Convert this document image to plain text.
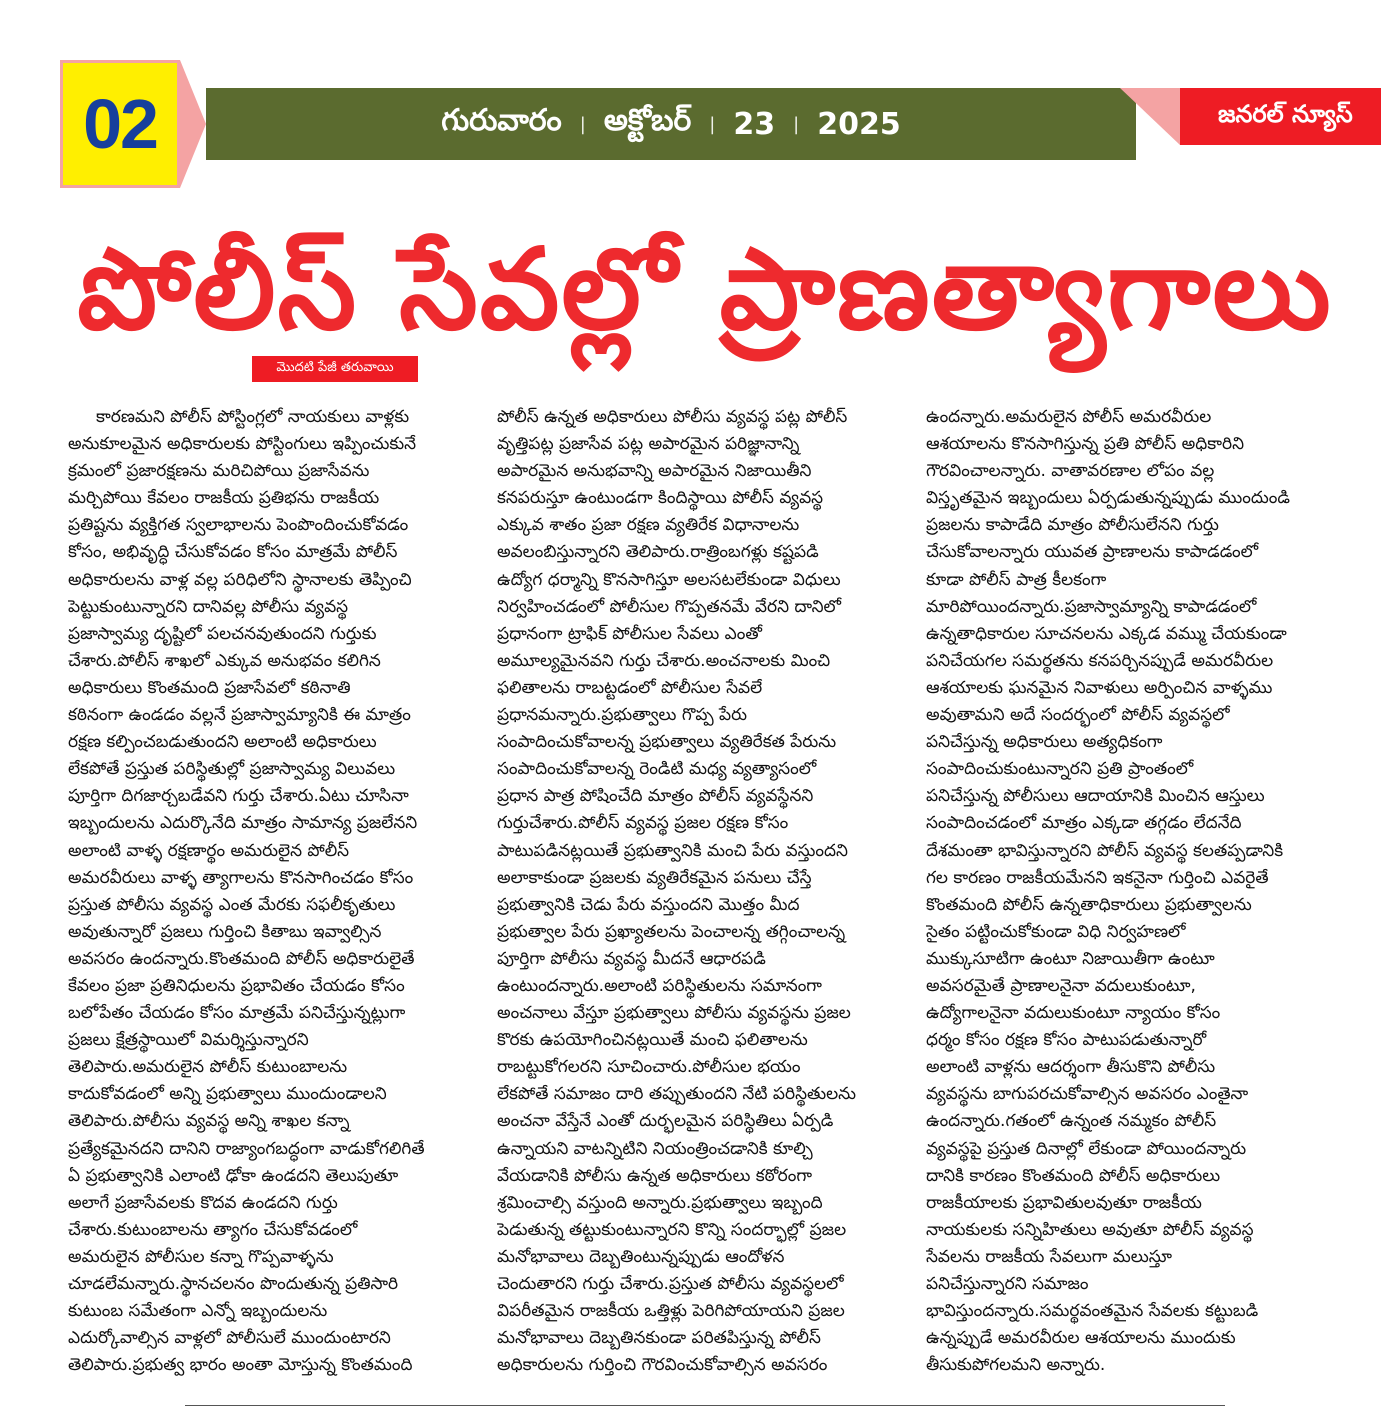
02	గురువారం | అక్టోబర్ | 23 | 2025	జనరల్ న్యూస్
పోలీస్ సేవల్లో ప్రాణత్యాగాలు
మొదటి పేజీ తరువాయి
కారణమని పోలీస్ పోస్టింగ్లలో నాయకులు వాళ్లకు
అనుకూలమైన అధికారులకు పోస్టింగులు ఇప్పించుకునే
క్రమంలో ప్రజారక్షణను మరిచిపోయి ప్రజాసేవను
మర్చిపోయి కేవలం రాజకీయ ప్రతిభను రాజకీయ
ప్రతిష్టను వ్యక్తిగత స్వలాభాలను పెంపొందించుకోవడం
కోసం, అభివృద్ధి చేసుకోవడం కోసం మాత్రమే పోలీస్
అధికారులను వాళ్ల వల్ల పరిధిలోని స్థానాలకు తెప్పించి
పెట్టుకుంటున్నారని దానివల్ల పోలీసు వ్యవస్థ
ప్రజాస్వామ్య దృష్టిలో పలచనవుతుందని గుర్తుకు
చేశారు.పోలీస్ శాఖలో ఎక్కువ అనుభవం కలిగిన
అధికారులు కొంతమంది ప్రజాసేవలో కఠినాతి
కఠినంగా ఉండడం వల్లనే ప్రజాస్వామ్యానికి ఈ మాత్రం
రక్షణ కల్పించబడుతుందని అలాంటి అధికారులు
లేకపోతే ప్రస్తుత పరిస్థితుల్లో ప్రజాస్వామ్య విలువలు
పూర్తిగా దిగజార్చబడేవని గుర్తు చేశారు.ఏటు చూసినా
ఇబ్బందులను ఎదుర్కొనేది మాత్రం సామాన్య ప్రజలేనని
అలాంటి వాళ్ళ రక్షణార్థం అమరులైన పోలీస్
అమరవీరులు వాళ్ళ త్యాగాలను కొనసాగించడం కోసం
ప్రస్తుత పోలీసు వ్యవస్థ ఎంత మేరకు సఫలీకృతులు
అవుతున్నారో ప్రజలు గుర్తించి కితాబు ఇవ్వాల్సిన
అవసరం ఉందన్నారు.కొంతమంది పోలీస్ అధికారులైతే
కేవలం ప్రజా ప్రతినిధులను ప్రభావితం చేయడం కోసం
బలోపేతం చేయడం కోసం మాత్రమే పనిచేస్తున్నట్లుగా
ప్రజలు క్షేత్రస్థాయిలో విమర్శిస్తున్నారని
తెలిపారు.అమరులైన పోలీస్ కుటుంబాలను
కాదుకోవడంలో అన్ని ప్రభుత్వాలు ముందుండాలని
తెలిపారు.పోలీసు వ్యవస్థ అన్ని శాఖల కన్నా
ప్రత్యేకమైనదని దానిని రాజ్యాంగబద్ధంగా వాడుకోగలిగితే
ఏ ప్రభుత్వానికి ఎలాంటి ఢోకా ఉండదని తెలుపుతూ
అలాగే ప్రజాసేవలకు కొదవ ఉండదని గుర్తు
చేశారు.కుటుంబాలను త్యాగం చేసుకోవడంలో
అమరులైన పోలీసుల కన్నా గొప్పవాళ్ళను
చూడలేమన్నారు.స్థానచలనం పొందుతున్న ప్రతిసారి
కుటుంబ సమేతంగా ఎన్నో ఇబ్బందులను
ఎదుర్కోవాల్సిన వాళ్లలో పోలీసులే ముందుంటారని
తెలిపారు.ప్రభుత్వ భారం అంతా మోస్తున్న కొంతమంది
పోలీస్ ఉన్నత అధికారులు పోలీసు వ్యవస్థ పట్ల పోలీస్
వృత్తిపట్ల ప్రజాసేవ పట్ల అపారమైన పరిజ్ఞానాన్ని
అపారమైన అనుభవాన్ని అపారమైన నిజాయితీని
కనపరుస్తూ ఉంటుండగా కిందిస్థాయి పోలీస్ వ్యవస్థ
ఎక్కువ శాతం ప్రజా రక్షణ వ్యతిరేక విధానాలను
అవలంబిస్తున్నారని తెలిపారు.రాత్రింబగళ్లు కష్టపడి
ఉద్యోగ ధర్మాన్ని కొనసాగిస్తూ అలసటలేకుండా విధులు
నిర్వహించడంలో పోలీసుల గొప్పతనమే వేరని దానిలో
ప్రధానంగా ట్రాఫిక్ పోలీసుల సేవలు ఎంతో
అమూల్యమైనవని గుర్తు చేశారు.అంచనాలకు మించి
ఫలితాలను రాబట్టడంలో పోలీసుల సేవలే
ప్రధానమన్నారు.ప్రభుత్వాలు గొప్ప పేరు
సంపాదించుకోవాలన్న ప్రభుత్వాలు వ్యతిరేకత పేరును
సంపాదించుకోవాలన్న రెండిటి మధ్య వ్యత్యాసంలో
ప్రధాన పాత్ర పోషించేది మాత్రం పోలీస్ వ్యవస్థేనని
గుర్తుచేశారు.పోలీస్ వ్యవస్థ ప్రజల రక్షణ కోసం
పాటుపడినట్లయితే ప్రభుత్వానికి మంచి పేరు వస్తుందని
అలాకాకుండా ప్రజలకు వ్యతిరేకమైన పనులు చేస్తే
ప్రభుత్వానికి చెడు పేరు వస్తుందని మొత్తం మీద
ప్రభుత్వాల పేరు ప్రఖ్యాతలను పెంచాలన్న తగ్గించాలన్న
పూర్తిగా పోలీసు వ్యవస్థ మీదనే ఆధారపడి
ఉంటుందన్నారు.అలాంటి పరిస్థితులను సమానంగా
అంచనాలు వేస్తూ ప్రభుత్వాలు పోలీసు వ్యవస్థను ప్రజల
కొరకు ఉపయోగించినట్లయితే మంచి ఫలితాలను
రాబట్టుకోగలరని సూచించారు.పోలీసుల భయం
లేకపోతే సమాజం దారి తప్పుతుందని నేటి పరిస్థితులను
అంచనా వేస్తేనే ఎంతో దుర్భలమైన పరిస్థితిలు ఏర్పడి
ఉన్నాయని వాటన్నిటిని నియంత్రించడానికి కూల్చి
వేయడానికి పోలీసు ఉన్నత అధికారులు కఠోరంగా
శ్రమించాల్సి వస్తుంది అన్నారు.ప్రభుత్వాలు ఇబ్బంది
పెడుతున్న తట్టుకుంటున్నారని కొన్ని సందర్భాల్లో ప్రజల
మనోభావాలు దెబ్బతింటున్నప్పుడు ఆందోళన
చెందుతారని గుర్తు చేశారు.ప్రస్తుత పోలీసు వ్యవస్థలలో
విపరీతమైన రాజకీయ ఒత్తిళ్లు పెరిగిపోయాయని ప్రజల
మనోభావాలు దెబ్బతినకుండా పరితపిస్తున్న పోలీస్
అధికారులను గుర్తించి గౌరవించుకోవాల్సిన అవసరం
ఉందన్నారు.అమరులైన పోలీస్ అమరవీరుల
ఆశయాలను కొనసాగిస్తున్న ప్రతి పోలీస్ అధికారిని
గౌరవించాలన్నారు. వాతావరణాల లోపం వల్ల
విస్తృతమైన ఇబ్బందులు ఏర్పడుతున్నప్పుడు ముందుండి
ప్రజలను కాపాడేది మాత్రం పోలీసులేనని గుర్తు
చేసుకోవాలన్నారు యువత ప్రాణాలను కాపాడడంలో
కూడా పోలీస్ పాత్ర కీలకంగా
మారిపోయిందన్నారు.ప్రజాస్వామ్యాన్ని కాపాడడంలో
ఉన్నతాధికారుల సూచనలను ఎక్కడ వమ్ము చేయకుండా
పనిచేయగల సమర్థతను కనపర్చినప్పుడే అమరవీరుల
ఆశయాలకు ఘనమైన నివాళులు అర్పించిన వాళ్ళము
అవుతామని అదే సందర్భంలో పోలీస్ వ్యవస్థలో
పనిచేస్తున్న అధికారులు అత్యధికంగా
సంపాదించుకుంటున్నారని ప్రతి ప్రాంతంలో
పనిచేస్తున్న పోలీసులు ఆదాయానికి మించిన ఆస్తులు
సంపాదించడంలో మాత్రం ఎక్కడా తగ్గడం లేదనేది
దేశమంతా భావిస్తున్నారని పోలీస్ వ్యవస్థ కలతప్పడానికి
గల కారణం రాజకీయమేనని ఇకనైనా గుర్తించి ఎవరైతే
కొంతమంది పోలీస్ ఉన్నతాధికారులు ప్రభుత్వాలను
సైతం పట్టించుకోకుండా విధి నిర్వహణలో
ముక్కుసూటిగా ఉంటూ నిజాయితీగా ఉంటూ
అవసరమైతే ప్రాణాలనైనా వదులుకుంటూ,
ఉద్యోగాలనైనా వదులుకుంటూ న్యాయం కోసం
ధర్మం కోసం రక్షణ కోసం పాటుపడుతున్నారో
అలాంటి వాళ్లను ఆదర్శంగా తీసుకొని పోలీసు
వ్యవస్థను బాగుపరచుకోవాల్సిన అవసరం ఎంతైనా
ఉందన్నారు.గతంలో ఉన్నంత నమ్మకం పోలీస్
వ్యవస్థపై ప్రస్తుత దినాల్లో లేకుండా పోయిందన్నారు
దానికి కారణం కొంతమంది పోలీస్ అధికారులు
రాజకీయాలకు ప్రభావితులవుతూ రాజకీయ
నాయకులకు సన్నిహితులు అవుతూ పోలీస్ వ్యవస్థ
సేవలను రాజకీయ సేవలుగా మలుస్తూ
పనిచేస్తున్నారని సమాజం
భావిస్తుందన్నారు.సమర్థవంతమైన సేవలకు కట్టుబడి
ఉన్నప్పుడే అమరవీరుల ఆశయాలను ముందుకు
తీసుకుపోగలమని అన్నారు.
